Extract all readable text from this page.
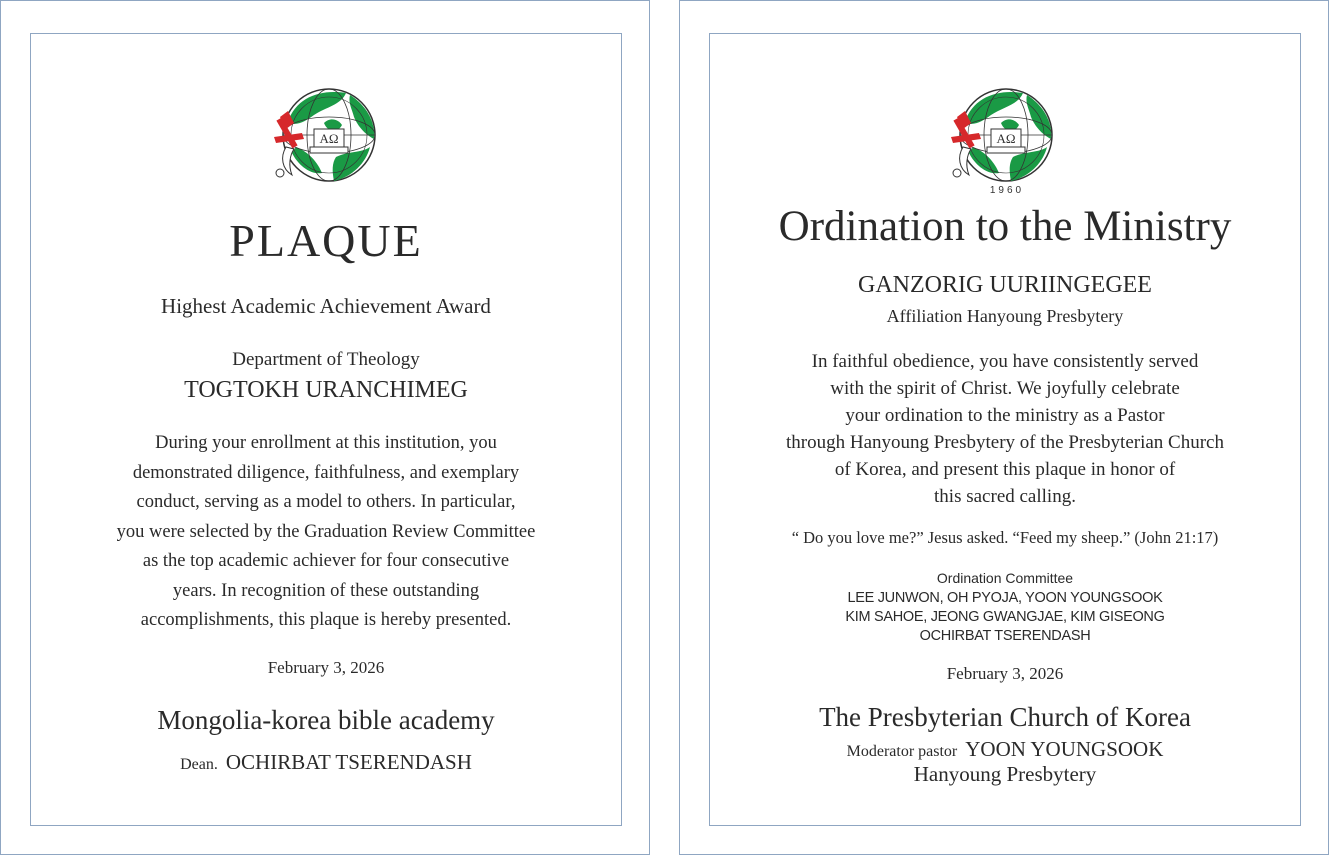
ΑΩ
PLAQUE
Highest Academic Achievement Award
Department of Theology
TOGTOKH URANCHIMEG
During your enrollment at this institution, you
demonstrated diligence, faithfulness, and exemplary
conduct, serving as a model to others. In particular,
you were selected by the Graduation Review Committee
as the top academic achiever for four consecutive
years. In recognition of these outstanding
accomplishments, this plaque is hereby presented.
February 3, 2026
Mongolia-korea bible academy
Dean. OCHIRBAT TSERENDASH
ΑΩ
1960
Ordination to the Ministry
GANZORIG UURIINGEGEE
Affiliation Hanyoung Presbytery
In faithful obedience, you have consistently served
with the spirit of Christ. We joyfully celebrate
your ordination to the ministry as a Pastor
through Hanyoung Presbytery of the Presbyterian Church
of Korea, and present this plaque in honor of
this sacred calling.
“ Do you love me?” Jesus asked. “Feed my sheep.” (John 21:17)
Ordination Committee
LEE JUNWON, OH PYOJA, YOON YOUNGSOOK
KIM SAHOE, JEONG GWANGJAE, KIM GISEONG
OCHIRBAT TSERENDASH
February 3, 2026
The Presbyterian Church of Korea
Moderator pastor YOON YOUNGSOOK
Hanyoung Presbytery
